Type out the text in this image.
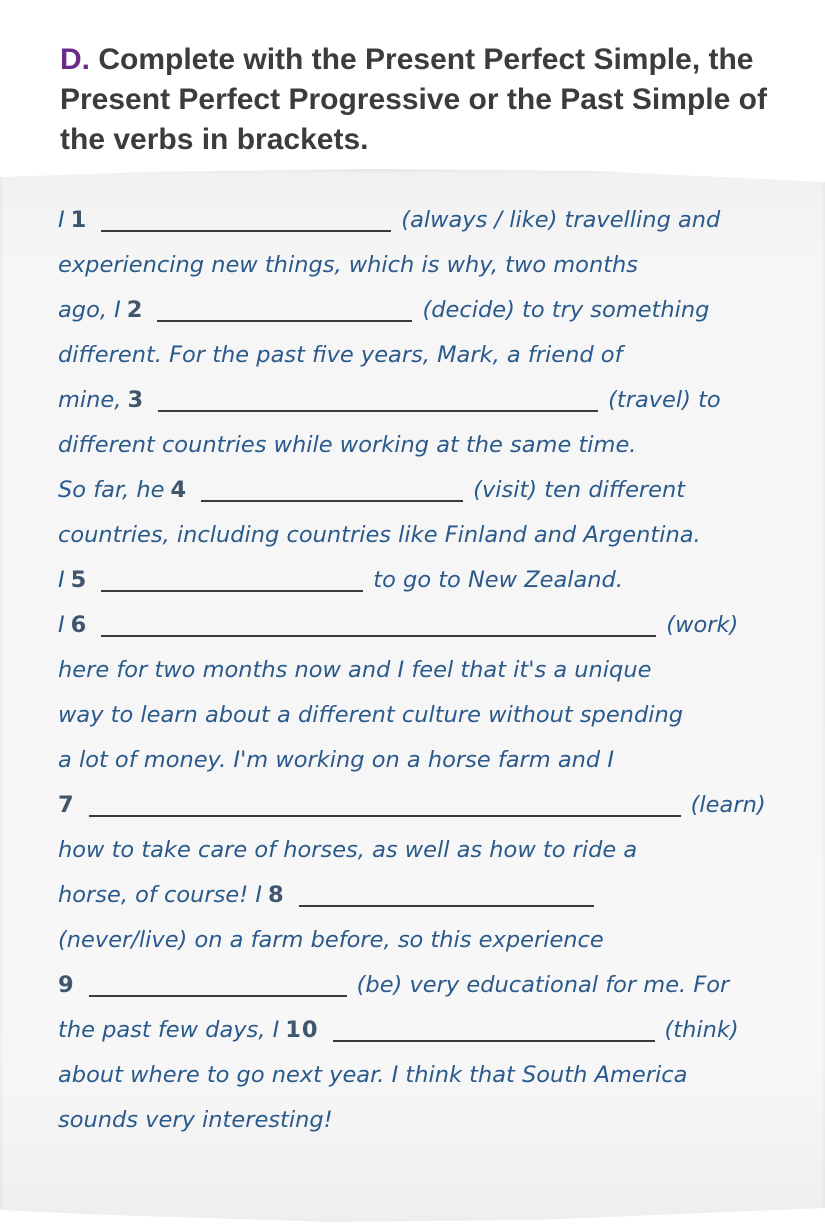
D. Complete with the Present Perfect Simple, the Present Perfect Progressive or the Past Simple of the verbs in brackets.
I 1	(always / like) travelling and
experiencing new things, which is why, two months
ago, I 2	(decide) to try something
different. For the past five years, Mark, a friend of
mine, 3	(travel) to
different countries while working at the same time.
So far, he 4	(visit) ten different
countries, including countries like Finland and Argentina.
I 5	to go to New Zealand.
I 6	(work)
here for two months now and I feel that it's a unique
way to learn about a different culture without spending
a lot of money. I'm working on a horse farm and I
7	(learn)
how to take care of horses, as well as how to ride a
horse, of course! I 8
(never/live) on a farm before, so this experience
9	(be) very educational for me. For
the past few days, I 10	(think)
about where to go next year. I think that South America
sounds very interesting!
